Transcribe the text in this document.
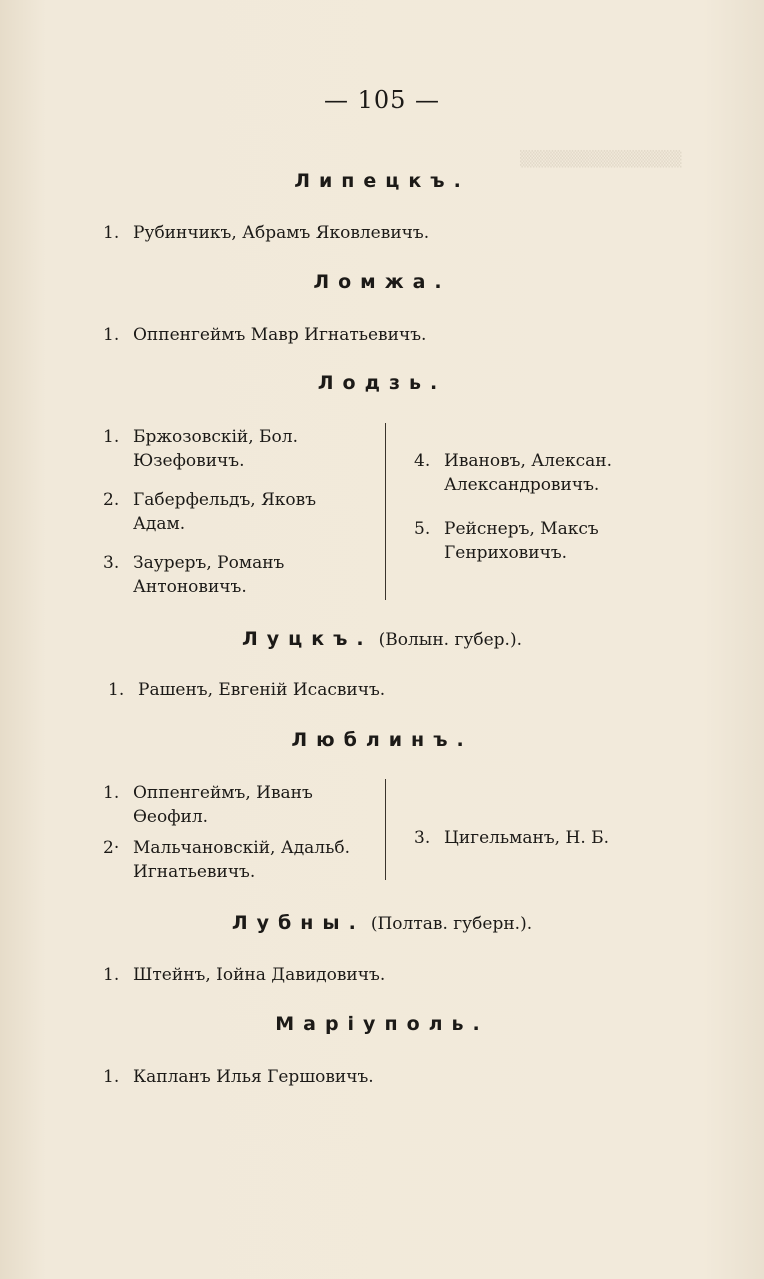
▒▒▒▒▒▒▒▒▒▒▒▒▒▒
— 105 —
Липецкъ.
1. Рубинчикъ, Абрамъ Яковлевичъ.
Ломжа.
1. Оппенгеймъ Мавр Игнатьевичъ.
Лодзь.
1. Бржозовскій, Бол. Юзефовичъ.
2. Габерфельдъ, Яковъ Адам.
3. Зауреръ, Романъ Антоновичъ.
4. Ивановъ, Алексан. Александровичъ.
5. Рейснеръ, Максъ Генриховичъ.
Луцкъ. (Волын. губер.).
1. Рашенъ, Евгеній Исасвичъ.
Люблинъ.
1. Оппенгеймъ, Иванъ Ѳеофил.
2· Мальчановскій, Адальб. Игнатьевичъ.
3. Цигельманъ, Н. Б.
Лубны. (Полтав. губерн.).
1. Штейнъ, Іойна Давидовичъ.
Маріуполь.
1. Капланъ Илья Гершовичъ.
